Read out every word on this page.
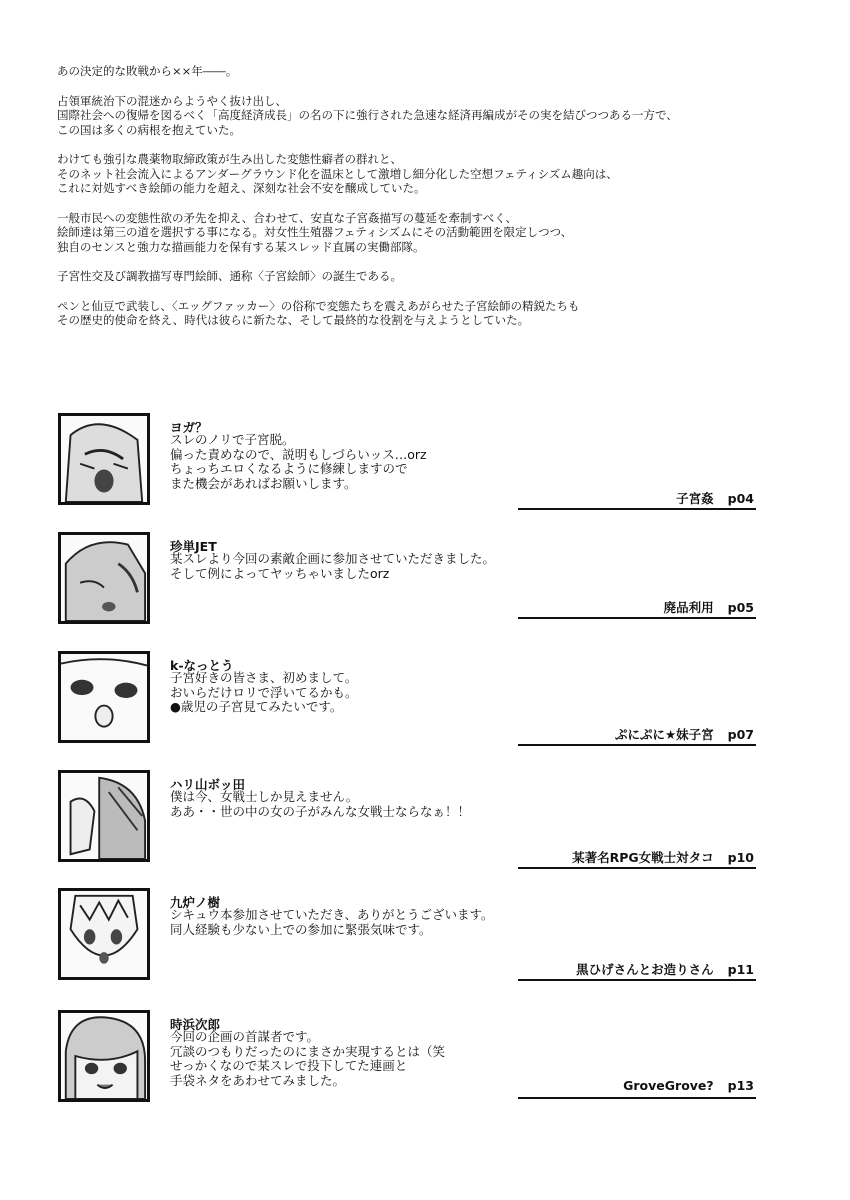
あの決定的な敗戦から××年――。

占領軍統治下の混迷からようやく抜け出し、
国際社会への復帰を図るべく「高度経済成長」の名の下に強行された急速な経済再編成がその実を結びつつある一方で、
この国は多くの病根を抱えていた。

わけても強引な農薬物取締政策が生み出した変態性癖者の群れと、
そのネット社会流入によるアンダーグラウンド化を温床として激増し細分化した空想フェティシズム趣向は、
これに対処すべき絵師の能力を超え、深刻な社会不安を醸成していた。

一般市民への変態性欲の矛先を抑え、合わせて、安直な子宮姦描写の蔓延を牽制すべく、
絵師達は第三の道を選択する事になる。対女性生殖器フェティシズムにその活動範囲を限定しつつ、
独自のセンスと強力な描画能力を保有する某スレッド直属の実働部隊。

子宮性交及び調教描写専門絵師、通称〈子宮絵師〉の誕生である。

ペンと仙豆で武装し、〈エッグファッカー〉の俗称で変態たちを震えあがらせた子宮絵師の精鋭たちも
その歴史的使命を終え、時代は彼らに新たな、そして最終的な役割を与えようとしていた。

ヨガ？
スレのノリで子宮脱。
偏った責めなので、説明もしづらいッス…orz
ちょっちエロくなるように修練しますので
また機会があればお願いします。
子宮姦 p04
珍単JET
某スレより今回の素敵企画に参加させていただきました。
そして例によってヤッちゃいましたorz
廃品利用 p05
k-なっとう
子宮好きの皆さま、初めまして。
おいらだけロリで浮いてるかも。
●歳児の子宮見てみたいです。
ぷにぷに★妹子宮 p07
ハリ山ボッ田
僕は今、女戦士しか見えません。
ああ・・世の中の女の子がみんな女戦士ならなぁ！！
某著名RPG女戦士対タコ p10
九炉ノ樹
シキュウ本参加させていただき、ありがとうございます。
同人経験も少ない上での参加に緊張気味です。
黒ひげさんとお造りさん p11
時浜次郎
今回の企画の首謀者です。
冗談のつもりだったのにまさか実現するとは（笑
せっかくなので某スレで投下してた連画と
手袋ネタをあわせてみました。	GroveGrove? p13
